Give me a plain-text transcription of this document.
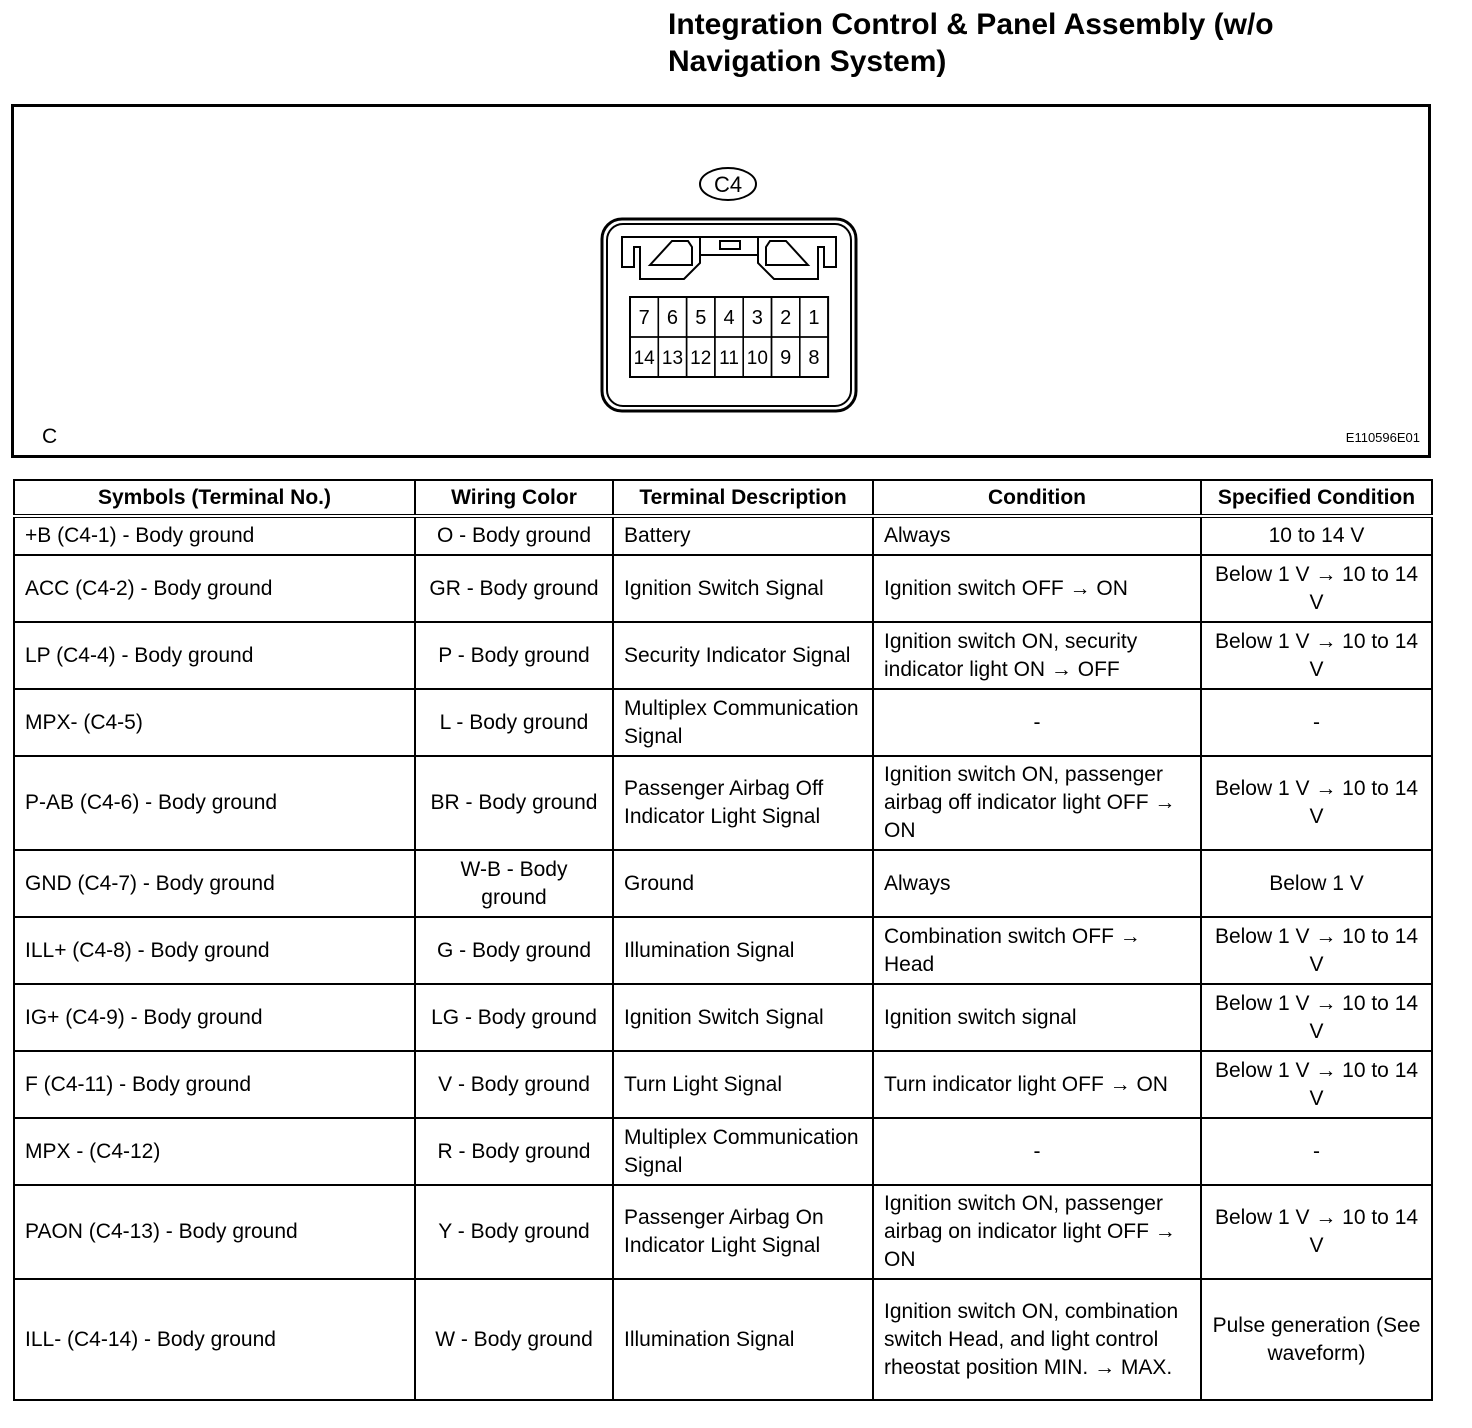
Integration Control & Panel Assembly (w/o
Navigation System)
C4
7 6 5 4 3 2 1
14 13 12 11 10 9 8
C	E110596E01
Symbols (Terminal No.)	Wiring Color	Terminal Description	Condition	Specified Condition
+B (C4-1) - Body ground	O - Body ground	Battery	Always	10 to 14 V
ACC (C4-2) - Body ground	GR - Body ground	Ignition Switch Signal	Ignition switch OFF → ON	Below 1 V → 10 to 14 V
LP (C4-4) - Body ground	P - Body ground	Security Indicator Signal	Ignition switch ON, security indicator light ON → OFF	Below 1 V → 10 to 14 V
MPX- (C4-5)	L - Body ground	Multiplex Communication Signal	-	-
P-AB (C4-6) - Body ground	BR - Body ground	Passenger Airbag Off Indicator Light Signal	Ignition switch ON, passenger airbag off indicator light OFF → ON	Below 1 V → 10 to 14 V
GND (C4-7) - Body ground	W-B - Body ground	Ground	Always	Below 1 V
ILL+ (C4-8) - Body ground	G - Body ground	Illumination Signal	Combination switch OFF → Head	Below 1 V → 10 to 14 V
IG+ (C4-9) - Body ground	LG - Body ground	Ignition Switch Signal	Ignition switch signal	Below 1 V → 10 to 14 V
F (C4-11) - Body ground	V - Body ground	Turn Light Signal	Turn indicator light OFF → ON	Below 1 V → 10 to 14 V
MPX - (C4-12)	R - Body ground	Multiplex Communication Signal	-	-
PAON (C4-13) - Body ground	Y - Body ground	Passenger Airbag On Indicator Light Signal	Ignition switch ON, passenger airbag on indicator light OFF → ON	Below 1 V → 10 to 14 V
ILL- (C4-14) - Body ground	W - Body ground	Illumination Signal	Ignition switch ON, combination switch Head, and light control rheostat position MIN. → MAX.	Pulse generation (See waveform)
